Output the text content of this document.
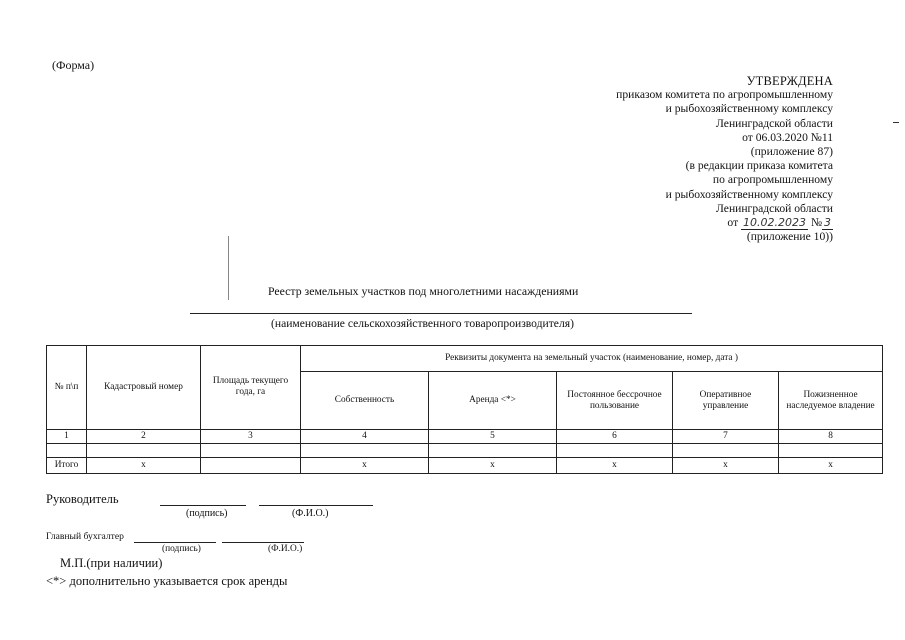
(Форма)
УТВЕРЖДЕНА
приказом комитета по агропромышленному
и рыбохозяйственному комплексу
Ленинградской области
от 06.03.2020 №11
(приложение 87)
(в редакции приказа комитета
по агропромышленному
и рыбохозяйственному комплексу
Ленинградской области
от 10.02.2023 № 3
(приложение 10))
Реестр земельных участков под многолетними насаждениями
(наименование сельскохозяйственного товаропроизводителя)
№ п\п	Кадастровый номер	Площадь текущего года, га	Реквизиты документа на земельный участок (наименование, номер, дата )				
			Собственность	Аренда <*>	Постоянное бессрочное пользование	Оперативное управление	Пожизненное наследуемое владение
1	2	3	4	5	6	7	8

Итого	х		х	х	х	х	х
Руководитель
(подпись)	(Ф.И.О.)
Главный бухгалтер
(подпись)	(Ф.И.О.)
М.П.(при наличии)
<*> дополнительно указывается срок аренды
